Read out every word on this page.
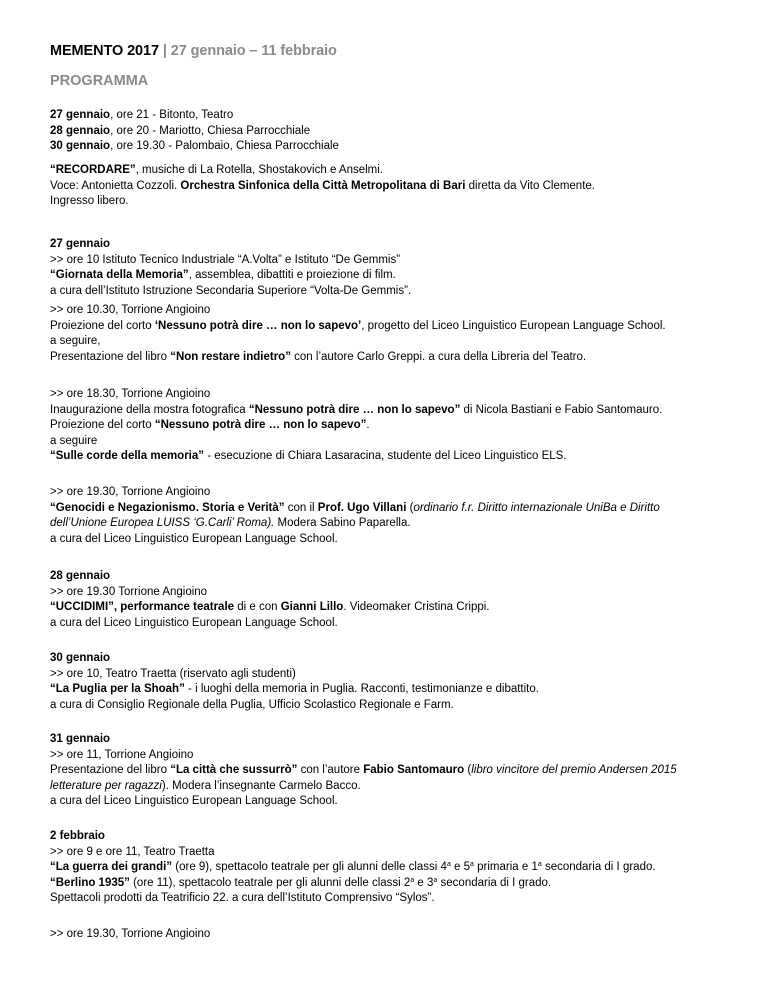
MEMENTO 2017 | 27 gennaio – 11 febbraio
PROGRAMMA

27 gennaio, ore 21 - Bitonto, Teatro

28 gennaio, ore 20 - Mariotto, Chiesa Parrocchiale

30 gennaio, ore 19.30 - Palombaio, Chiesa Parrocchiale

“RECORDARE”, musiche di La Rotella, Shostakovich e Anselmi.

Voce: Antonietta Cozzoli. Orchestra Sinfonica della Città Metropolitana di Bari diretta da Vito Clemente.

Ingresso libero.

27 gennaio

>> ore 10 Istituto Tecnico Industriale “A.Volta” e Istituto “De Gemmis”

“Giornata della Memoria”, assemblea, dibattiti e proiezione di film.

a cura dell’Istituto Istruzione Secondaria Superiore “Volta-De Gemmis”.

>> ore 10.30, Torrione Angioino

Proiezione del corto ‘Nessuno potrà dire … non lo sapevo’, progetto del Liceo Linguistico European Language School.

a seguire,

Presentazione del libro “Non restare indietro” con l’autore Carlo Greppi. a cura della Libreria del Teatro.

>> ore 18.30, Torrione Angioino

Inaugurazione della mostra fotografica “Nessuno potrà dire … non lo sapevo” di Nicola Bastiani e Fabio Santomauro.

Proiezione del corto “Nessuno potrà dire … non lo sapevo”.

a seguire

“Sulle corde della memoria” - esecuzione di Chiara Lasaracina, studente del Liceo Linguistico ELS.

>> ore 19.30, Torrione Angioino

“Genocidi e Negazionismo. Storia e Verità” con il Prof. Ugo Villani (ordinario f.r. Diritto internazionale UniBa e Diritto dell’Unione Europea LUISS ‘G.Carli’ Roma). Modera Sabino Paparella.

a cura del Liceo Linguistico European Language School.

28 gennaio

>> ore 19.30 Torrione Angioino

“UCCIDIMI”, performance teatrale di e con Gianni Lillo. Videomaker Cristina Crippi.

a cura del Liceo Linguistico European Language School.

30 gennaio

>> ore 10, Teatro Traetta (riservato agli studenti)

“La Puglia per la Shoah” - i luoghi della memoria in Puglia. Racconti, testimonianze e dibattito.

a cura di Consiglio Regionale della Puglia, Ufficio Scolastico Regionale e Farm.

31 gennaio

>> ore 11, Torrione Angioino

Presentazione del libro “La città che sussurrò” con l’autore Fabio Santomauro (libro vincitore del premio Andersen 2015 letterature per ragazzi). Modera l’insegnante Carmelo Bacco.

a cura del Liceo Linguistico European Language School.

2 febbraio

>> ore 9 e ore 11, Teatro Traetta

“La guerra dei grandi” (ore 9), spettacolo teatrale per gli alunni delle classi 4$^a$ e 5$^a$ primaria e 1$^a$ secondaria di I grado.

“Berlino 1935” (ore 11), spettacolo teatrale per gli alunni delle classi 2$^a$ e 3$^a$ secondaria di I grado.

Spettacoli prodotti da Teatrificio 22. a cura dell’Istituto Comprensivo “Sylos”.

>> ore 19.30, Torrione Angioino
